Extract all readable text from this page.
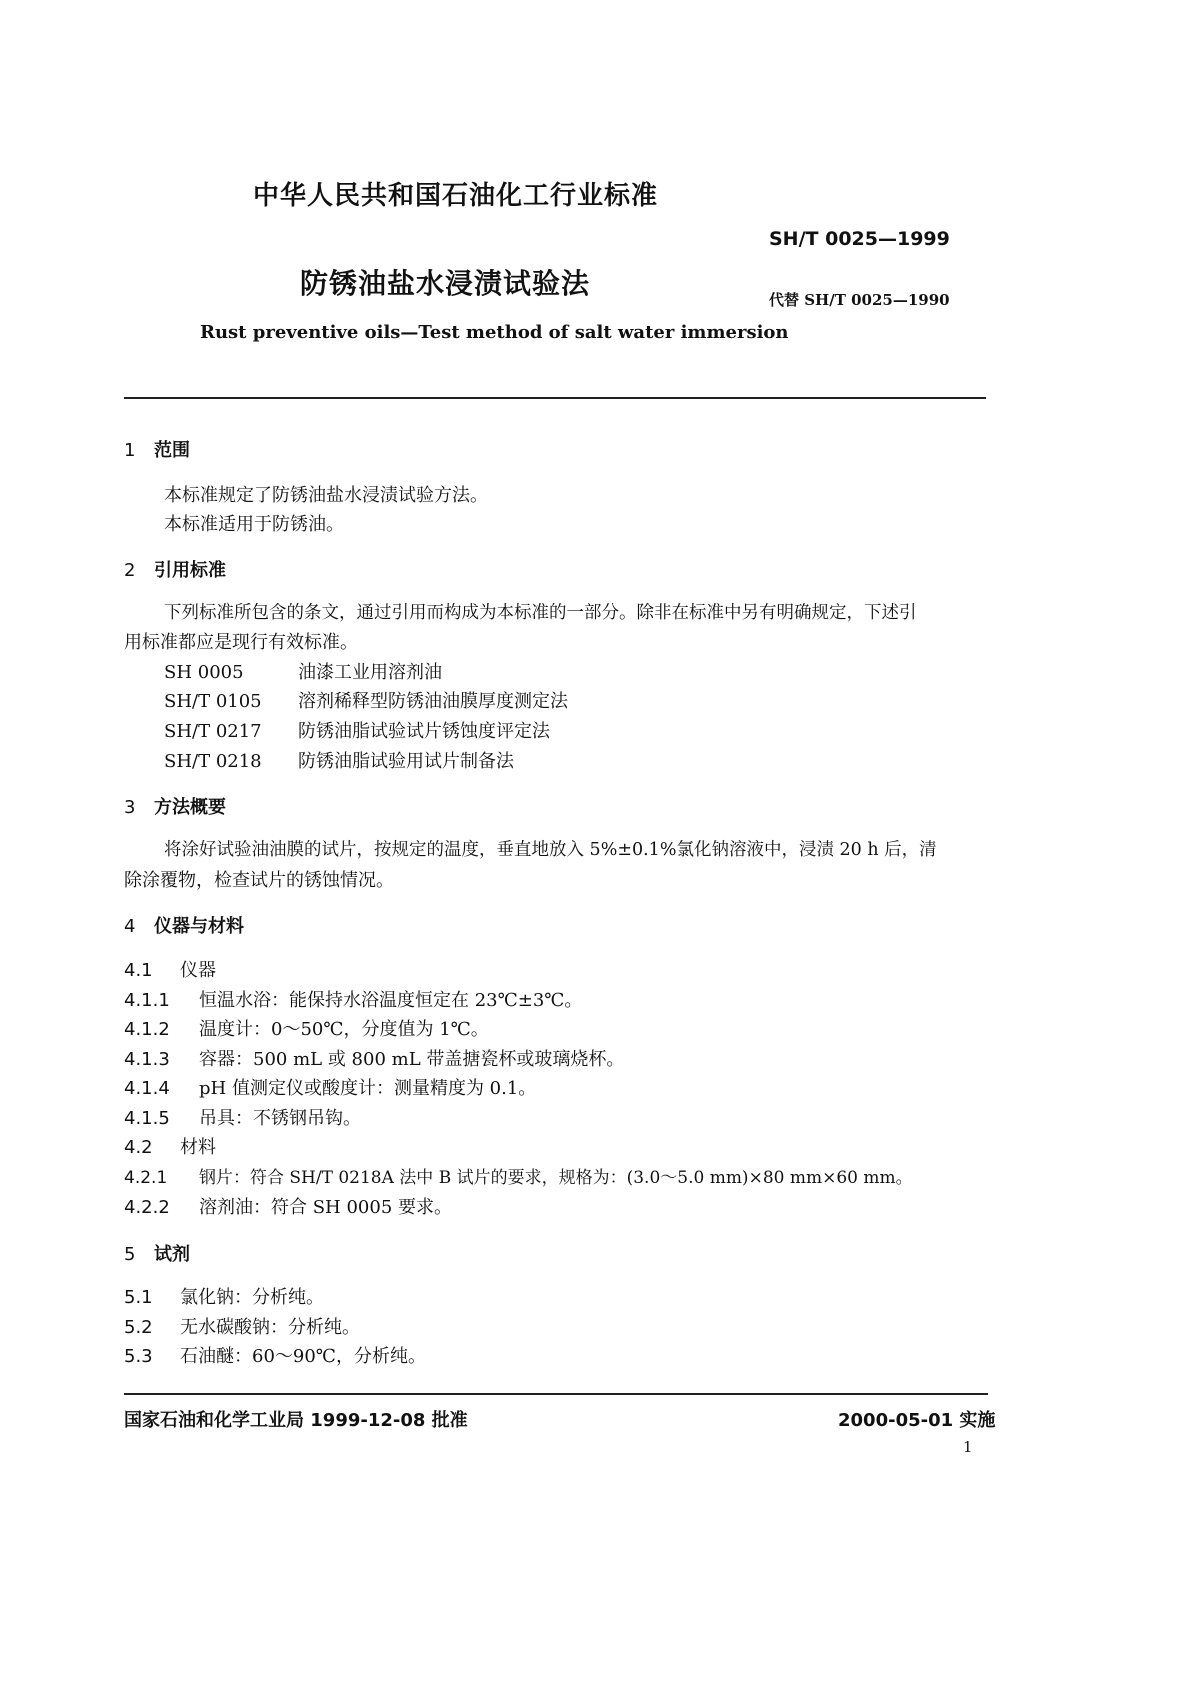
中华人民共和国石油化工行业标准
SH/T 0025—1999
防锈油盐水浸渍试验法	代替 SH/T 0025—1990
Rust preventive oils—Test method of salt water immersion
1 范围
本标准规定了防锈油盐水浸渍试验方法。
本标准适用于防锈油。
2 引用标准
下列标准所包含的条文，通过引用而构成为本标准的一部分。除非在标准中另有明确规定，下述引
用标准都应是现行有效标准。
SH 0005	油漆工业用溶剂油
SH/T 0105 溶剂稀释型防锈油油膜厚度测定法
SH/T 0217 防锈油脂试验试片锈蚀度评定法
SH/T 0218 防锈油脂试验用试片制备法
3 方法概要
将涂好试验油油膜的试片，按规定的温度，垂直地放入 5%±0.1%氯化钠溶液中，浸渍 20 h 后，清
除涂覆物，检查试片的锈蚀情况。
4 仪器与材料
4.1 仪器
4.1.1 恒温水浴：能保持水浴温度恒定在 23℃±3℃。
4.1.2 温度计：0～50℃，分度值为 1℃。
4.1.3 容器：500 mL 或 800 mL 带盖搪瓷杯或玻璃烧杯。
4.1.4 pH 值测定仪或酸度计：测量精度为 0.1。
4.1.5 吊具：不锈钢吊钩。
4.2 材料
4.2.1 钢片：符合 SH/T 0218A 法中 B 试片的要求，规格为：(3.0～5.0 mm)×80 mm×60 mm。
4.2.2 溶剂油：符合 SH 0005 要求。
5 试剂
5.1 氯化钠：分析纯。
5.2 无水碳酸钠：分析纯。
5.3 石油醚：60～90℃，分析纯。
国家石油和化学工业局 1999-12-08 批准	2000-05-01 实施
1
